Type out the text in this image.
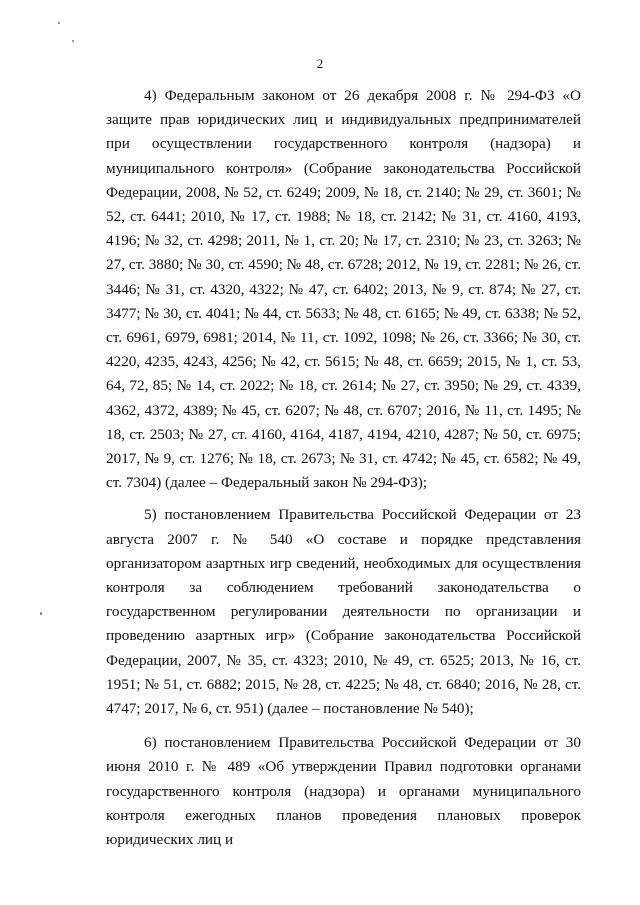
2

4) Федеральным законом от 26 декабря 2008 г. № 294-ФЗ «О защите прав юридических лиц и индивидуальных предпринимателей при осуществлении государственного контроля (надзора) и муниципального контроля» (Собрание законодательства Российской Федерации, 2008, № 52, ст. 6249; 2009, № 18, ст. 2140; № 29, ст. 3601; № 52, ст. 6441; 2010, № 17, ст. 1988; № 18, ст. 2142; № 31, ст. 4160, 4193, 4196; № 32, ст. 4298; 2011, № 1, ст. 20; № 17, ст. 2310; № 23, ст. 3263; № 27, ст. 3880; № 30, ст. 4590; № 48, ст. 6728; 2012, № 19, ст. 2281; № 26, ст. 3446; № 31, ст. 4320, 4322; № 47, ст. 6402; 2013, № 9, ст. 874; № 27, ст. 3477; № 30, ст. 4041; № 44, ст. 5633; № 48, ст. 6165; № 49, ст. 6338; № 52, ст. 6961, 6979, 6981; 2014, № 11, ст. 1092, 1098; № 26, ст. 3366; № 30, ст. 4220, 4235, 4243, 4256; № 42, ст. 5615; № 48, ст. 6659; 2015, № 1, ст. 53, 64, 72, 85; № 14, ст. 2022; № 18, ст. 2614; № 27, ст. 3950; № 29, ст. 4339, 4362, 4372, 4389; № 45, ст. 6207; № 48, ст. 6707; 2016, № 11, ст. 1495; № 18, ст. 2503; № 27, ст. 4160, 4164, 4187, 4194, 4210, 4287; № 50, ст. 6975; 2017, № 9, ст. 1276; № 18, ст. 2673; № 31, ст. 4742; № 45, ст. 6582; № 49, ст. 7304) (далее – Федеральный закон № 294-ФЗ);

5) постановлением Правительства Российской Федерации от 23 августа 2007 г. № 540 «О составе и порядке представления организатором азартных игр сведений, необходимых для осуществления контроля за соблюдением требований законодательства о государственном регулировании деятельности по организации и проведению азартных игр» (Собрание законодательства Российской Федерации, 2007, № 35, ст. 4323; 2010, № 49, ст. 6525; 2013, № 16, ст. 1951; № 51, ст. 6882; 2015, № 28, ст. 4225; № 48, ст. 6840; 2016, № 28, ст. 4747; 2017, № 6, ст. 951) (далее – постановление № 540);

6) постановлением Правительства Российской Федерации от 30 июня 2010 г. № 489 «Об утверждении Правил подготовки органами государственного контроля (надзора) и органами муниципального контроля ежегодных планов проведения плановых проверок юридических лиц и
